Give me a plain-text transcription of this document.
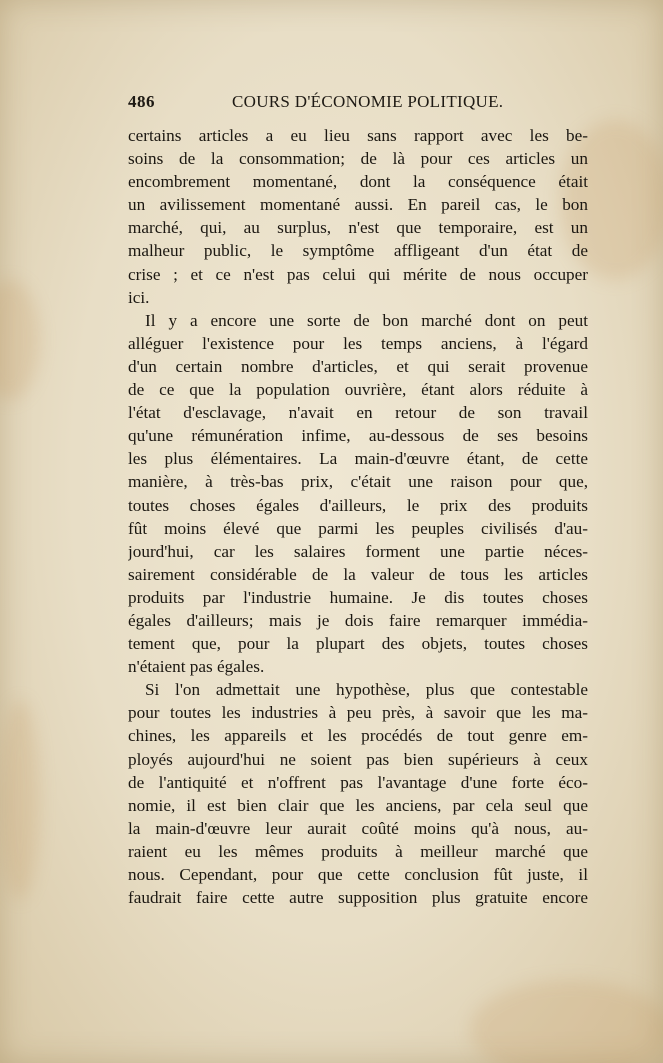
486	COURS D'ÉCONOMIE POLITIQUE.
certains articles a eu lieu sans rapport avec les be-
soins de la consommation; de là pour ces articles un
encombrement momentané, dont la conséquence était
un avilissement momentané aussi. En pareil cas, le bon
marché, qui, au surplus, n'est que temporaire, est un
malheur public, le symptôme affligeant d'un état de
crise ; et ce n'est pas celui qui mérite de nous occuper
ici.
Il y a encore une sorte de bon marché dont on peut
alléguer l'existence pour les temps anciens, à l'égard
d'un certain nombre d'articles, et qui serait provenue
de ce que la population ouvrière, étant alors réduite à
l'état d'esclavage, n'avait en retour de son travail
qu'une rémunération infime, au-dessous de ses besoins
les plus élémentaires. La main-d'œuvre étant, de cette
manière, à très-bas prix, c'était une raison pour que,
toutes choses égales d'ailleurs, le prix des produits
fût moins élevé que parmi les peuples civilisés d'au-
jourd'hui, car les salaires forment une partie néces-
sairement considérable de la valeur de tous les articles
produits par l'industrie humaine. Je dis toutes choses
égales d'ailleurs; mais je dois faire remarquer immédia-
tement que, pour la plupart des objets, toutes choses
n'étaient pas égales.
Si l'on admettait une hypothèse, plus que contestable
pour toutes les industries à peu près, à savoir que les ma-
chines, les appareils et les procédés de tout genre em-
ployés aujourd'hui ne soient pas bien supérieurs à ceux
de l'antiquité et n'offrent pas l'avantage d'une forte éco-
nomie, il est bien clair que les anciens, par cela seul que
la main-d'œuvre leur aurait coûté moins qu'à nous, au-
raient eu les mêmes produits à meilleur marché que
nous. Cependant, pour que cette conclusion fût juste, il
faudrait faire cette autre supposition plus gratuite encore
